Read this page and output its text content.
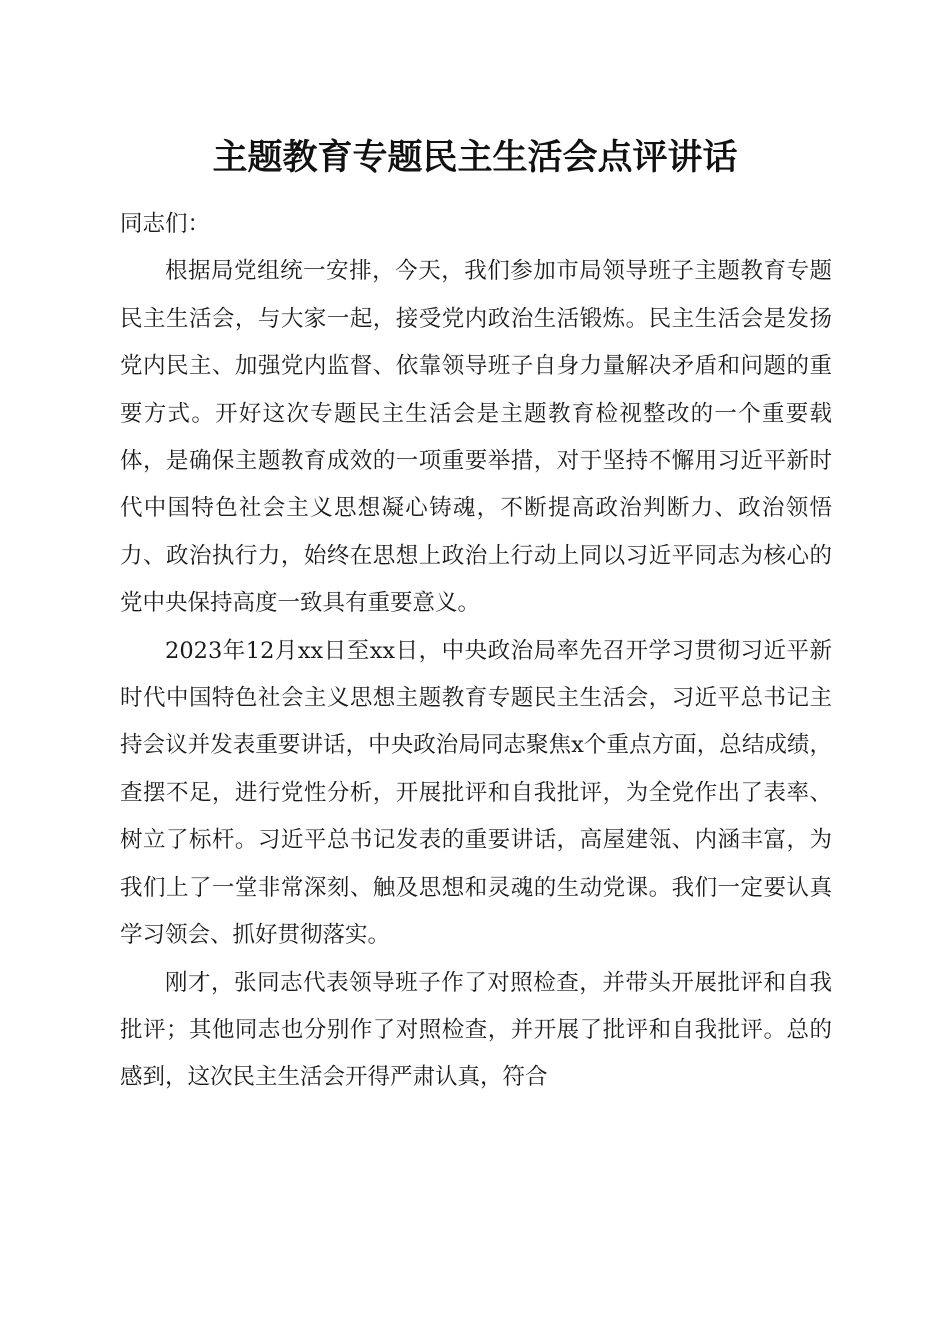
主题教育专题民主生活会点评讲话

同志们：

根据局党组统一安排，今天，我们参加市局领导班子主题教育专题民主生活会，与大家一起，接受党内政治生活锻炼。民主生活会是发扬党内民主、加强党内监督、依靠领导班子自身力量解决矛盾和问题的重要方式。开好这次专题民主生活会是主题教育检视整改的一个重要载体，是确保主题教育成效的一项重要举措，对于坚持不懈用习近平新时代中国特色社会主义思想凝心铸魂，不断提高政治判断力、政治领悟力、政治执行力，始终在思想上政治上行动上同以习近平同志为核心的党中央保持高度一致具有重要意义。

2023年12月xx日至xx日，中央政治局率先召开学习贯彻习近平新时代中国特色社会主义思想主题教育专题民主生活会，习近平总书记主持会议并发表重要讲话，中央政治局同志聚焦x个重点方面，总结成绩，查摆不足，进行党性分析，开展批评和自我批评，为全党作出了表率、树立了标杆。习近平总书记发表的重要讲话，高屋建瓴、内涵丰富，为我们上了一堂非常深刻、触及思想和灵魂的生动党课。我们一定要认真学习领会、抓好贯彻落实。

刚才，张同志代表领导班子作了对照检查，并带头开展批评和自我批评；其他同志也分别作了对照检查，并开展了批评和自我批评。总的感到，这次民主生活会开得严肃认真，符合
